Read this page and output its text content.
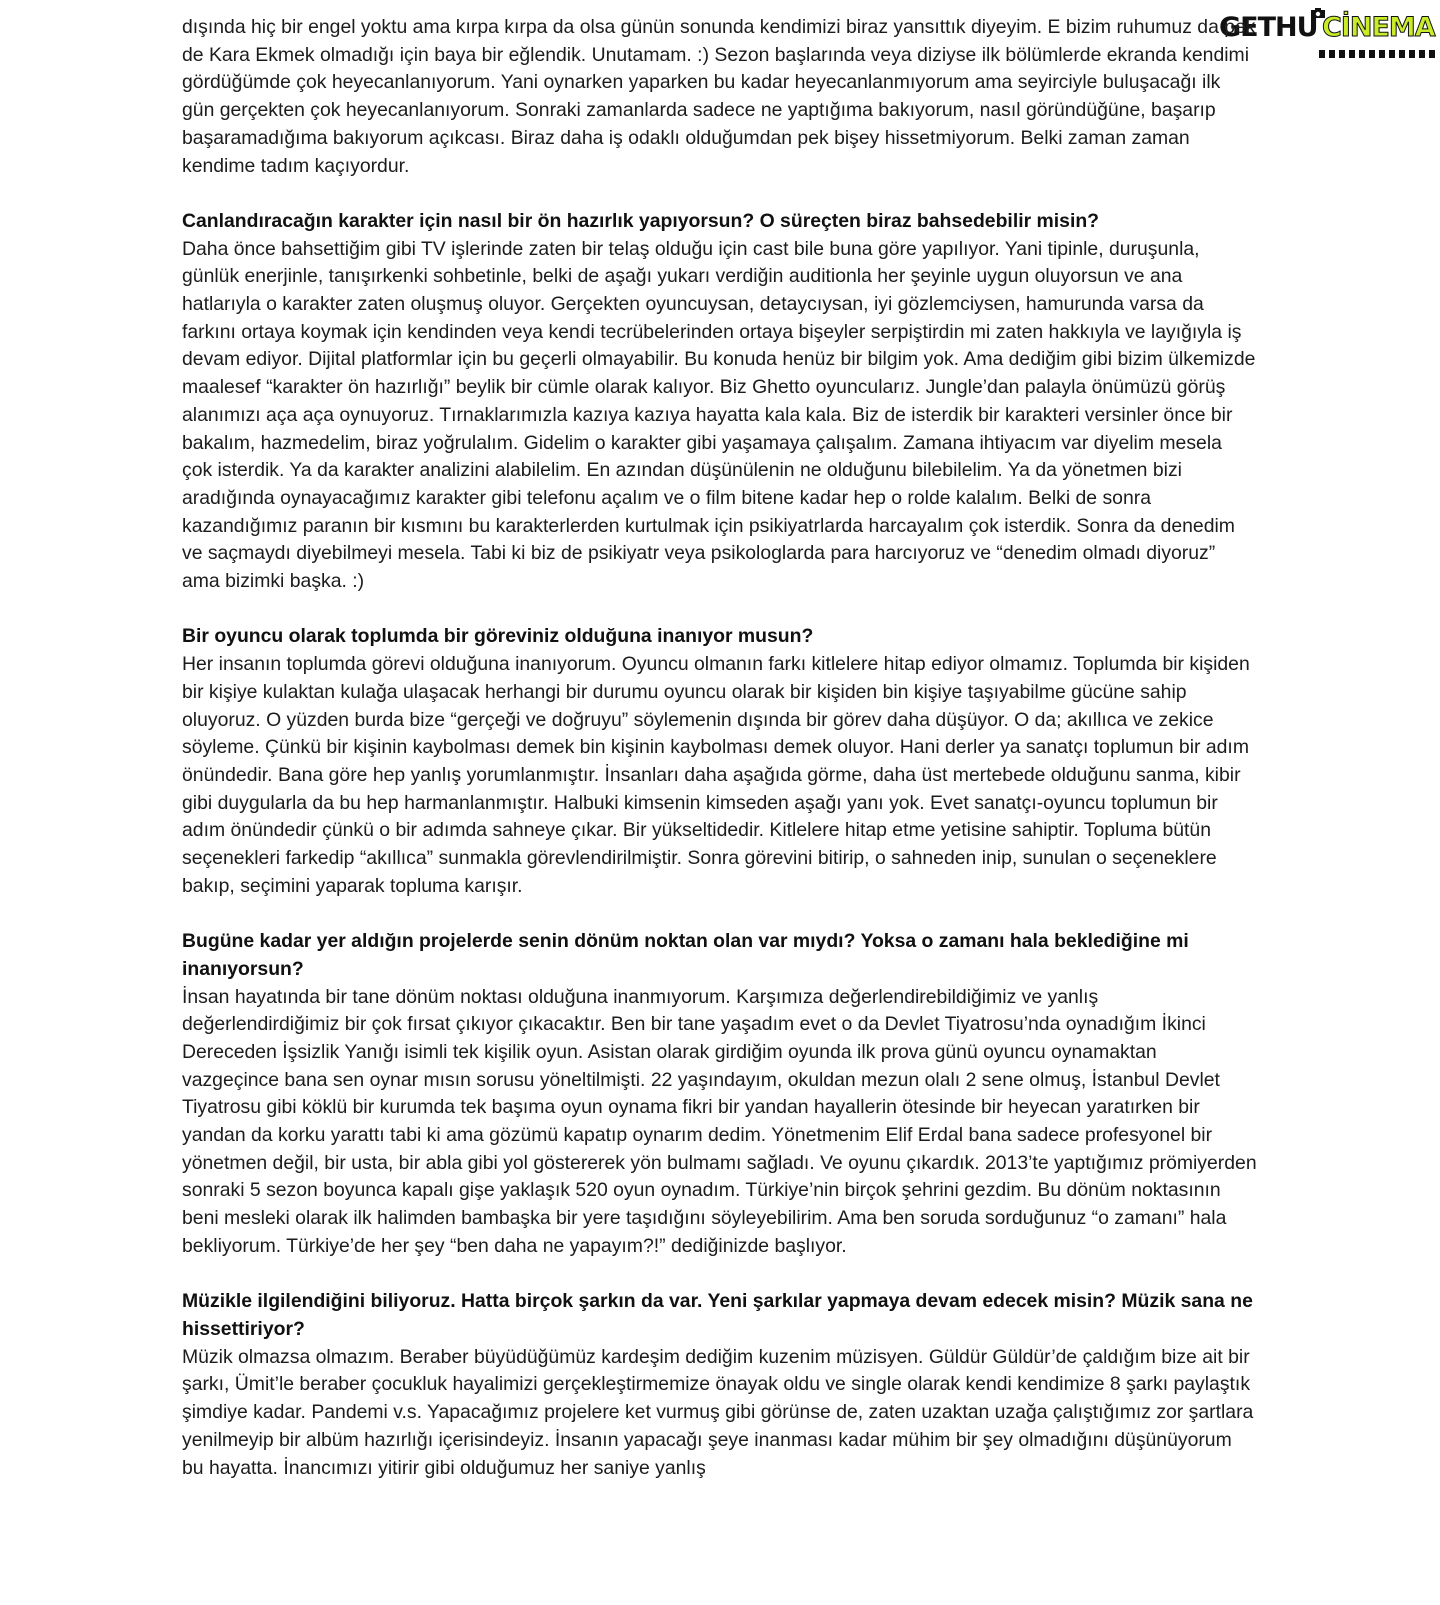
GETHU CİNEMA

dışında hiç bir engel yoktu ama kırpa kırpa da olsa günün sonunda kendimizi biraz yansıttık diyeyim. E bizim ruhumuz da pek de Kara Ekmek olmadığı için baya bir eğlendik. Unutamam. :) Sezon başlarında veya diziyse ilk bölümlerde ekranda kendimi gördüğümde çok heyecanlanıyorum. Yani oynarken yaparken bu kadar heyecanlanmıyorum ama seyirciyle buluşacağı ilk gün gerçekten çok heyecanlanıyorum. Sonraki zamanlarda sadece ne yaptığıma bakıyorum, nasıl göründüğüne, başarıp başaramadığıma bakıyorum açıkcası. Biraz daha iş odaklı olduğumdan pek bişey hissetmiyorum. Belki zaman zaman kendime tadım kaçıyordur.

Canlandıracağın karakter için nasıl bir ön hazırlık yapıyorsun? O süreçten biraz bahsedebilir misin?
Daha önce bahsettiğim gibi TV işlerinde zaten bir telaş olduğu için cast bile buna göre yapılıyor. Yani tipinle, duruşunla, günlük enerjinle, tanışırkenki sohbetinle, belki de aşağı yukarı verdiğin auditionla her şeyinle uygun oluyorsun ve ana hatlarıyla o karakter zaten oluşmuş oluyor. Gerçekten oyuncuysan, detaycıysan, iyi gözlemciysen, hamurunda varsa da farkını ortaya koymak için kendinden veya kendi tecrübelerinden ortaya bişeyler serpiştirdin mi zaten hakkıyla ve layığıyla iş devam ediyor. Dijital platformlar için bu geçerli olmayabilir. Bu konuda henüz bir bilgim yok. Ama dediğim gibi bizim ülkemizde maalesef “karakter ön hazırlığı” beylik bir cümle olarak kalıyor. Biz Ghetto oyuncularız. Jungle’dan palayla önümüzü görüş alanımızı aça aça oynuyoruz. Tırnaklarımızla kazıya kazıya hayatta kala kala. Biz de isterdik bir karakteri versinler önce bir bakalım, hazmedelim, biraz yoğrulalım. Gidelim o karakter gibi yaşamaya çalışalım. Zamana ihtiyacım var diyelim mesela çok isterdik. Ya da karakter analizini alabilelim. En azından düşünülenin ne olduğunu bilebilelim. Ya da yönetmen bizi aradığında oynayacağımız karakter gibi telefonu açalım ve o film bitene kadar hep o rolde kalalım. Belki de sonra kazandığımız paranın bir kısmını bu karakterlerden kurtulmak için psikiyatrlarda harcayalım çok isterdik. Sonra da denedim ve saçmaydı diyebilmeyi mesela. Tabi ki biz de psikiyatr veya psikologlarda para harcıyoruz ve “denedim olmadı diyoruz” ama bizimki başka. :)
Bir oyuncu olarak toplumda bir göreviniz olduğuna inanıyor musun?
Her insanın toplumda görevi olduğuna inanıyorum. Oyuncu olmanın farkı kitlelere hitap ediyor olmamız. Toplumda bir kişiden bir kişiye kulaktan kulağa ulaşacak herhangi bir durumu oyuncu olarak bir kişiden bin kişiye taşıyabilme gücüne sahip oluyoruz. O yüzden burda bize “gerçeği ve doğruyu” söylemenin dışında bir görev daha düşüyor. O da; akıllıca ve zekice söyleme. Çünkü bir kişinin kaybolması demek bin kişinin kaybolması demek oluyor. Hani derler ya sanatçı toplumun bir adım önündedir. Bana göre hep yanlış yorumlanmıştır. İnsanları daha aşağıda görme, daha üst mertebede olduğunu sanma, kibir gibi duygularla da bu hep harmanlanmıştır. Halbuki kimsenin kimseden aşağı yanı yok. Evet sanatçı-oyuncu toplumun bir adım önündedir çünkü o bir adımda sahneye çıkar. Bir yükseltidedir. Kitlelere hitap etme yetisine sahiptir. Topluma bütün seçenekleri farkedip “akıllıca” sunmakla görevlendirilmiştir. Sonra görevini bitirip, o sahneden inip, sunulan o seçeneklere bakıp, seçimini yaparak topluma karışır.
Bugüne kadar yer aldığın projelerde senin dönüm noktan olan var mıydı? Yoksa o zamanı hala beklediğine mi inanıyorsun?
İnsan hayatında bir tane dönüm noktası olduğuna inanmıyorum. Karşımıza değerlendirebildiğimiz ve yanlış değerlendirdiğimiz bir çok fırsat çıkıyor çıkacaktır. Ben bir tane yaşadım evet o da Devlet Tiyatrosu’nda oynadığım İkinci Dereceden İşsizlik Yanığı isimli tek kişilik oyun. Asistan olarak girdiğim oyunda ilk prova günü oyuncu oynamaktan vazgeçince bana sen oynar mısın sorusu yöneltilmişti. 22 yaşındayım, okuldan mezun olalı 2 sene olmuş, İstanbul Devlet Tiyatrosu gibi köklü bir kurumda tek başıma oyun oynama fikri bir yandan hayallerin ötesinde bir heyecan yaratırken bir yandan da korku yarattı tabi ki ama gözümü kapatıp oynarım dedim. Yönetmenim Elif Erdal bana sadece profesyonel bir yönetmen değil, bir usta, bir abla gibi yol göstererek yön bulmamı sağladı. Ve oyunu çıkardık. 2013’te yaptığımız prömiyerden sonraki 5 sezon boyunca kapalı gişe yaklaşık 520 oyun oynadım. Türkiye’nin birçok şehrini gezdim. Bu dönüm noktasının beni mesleki olarak ilk halimden bambaşka bir yere taşıdığını söyleyebilirim. Ama ben soruda sorduğunuz “o zamanı” hala bekliyorum. Türkiye’de her şey “ben daha ne yapayım?!” dediğinizde başlıyor.
Müzikle ilgilendiğini biliyoruz. Hatta birçok şarkın da var. Yeni şarkılar yapmaya devam edecek misin? Müzik sana ne hissettiriyor?
Müzik olmazsa olmazım. Beraber büyüdüğümüz kardeşim dediğim kuzenim müzisyen. Güldür Güldür’de çaldığım bize ait bir şarkı, Ümit’le beraber çocukluk hayalimizi gerçekleştirmemize önayak oldu ve single olarak kendi kendimize 8 şarkı paylaştık şimdiye kadar. Pandemi v.s. Yapacağımız projelere ket vurmuş gibi görünse de, zaten uzaktan uzağa çalıştığımız zor şartlara yenilmeyip bir albüm hazırlığı içerisindeyiz. İnsanın yapacağı şeye inanması kadar mühim bir şey olmadığını düşünüyorum bu hayatta. İnancımızı yitirir gibi olduğumuz her saniye yanlış
